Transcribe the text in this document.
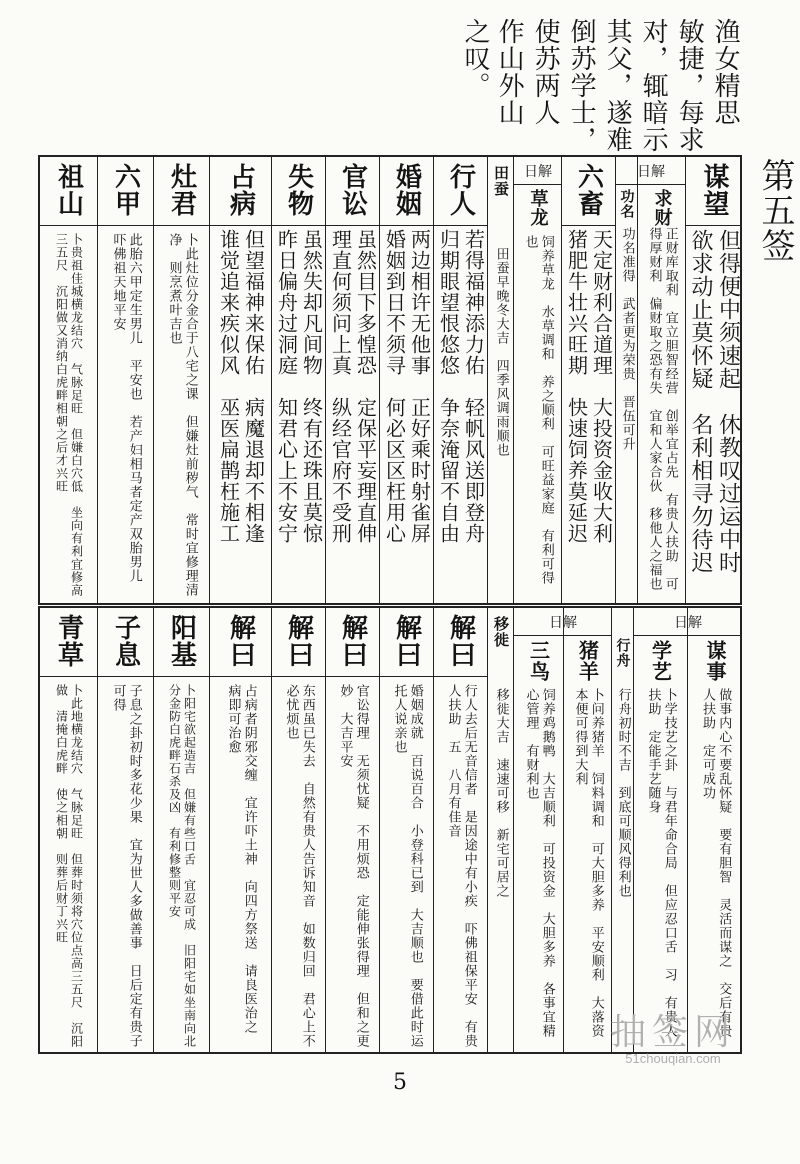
渔女精思
敏捷，每求
对，辄暗示
其父，遂难
倒苏学士，
使苏两人
作山外山
之叹。
第五签
谋望
欲求动止莫怀疑　名利相寻勿待迟 但得便中须速起　休教叹过运中时
日解
求财
正财库取利　宜立胆智经营　创举宜占先　有贵人扶助　可得厚财利　偏财取之恐有失　宜和人家合伙　移他人之福也
功名
功名准得　武者更为荣贵　晋伍可升
六畜
猪肥牛壮兴旺期　快速饲养莫延迟 天定财利合道理　大投资金收大利
日解
草龙
饲养草龙　水草调和　养之顺利　可旺益家庭　有利可得也
田蚕
田蚕早晚冬大吉　四季风调雨顺也
行人
归期眼望恨悠悠　争奈淹留不自由 若得福神添力佑　轻帆风送即登舟
婚姻
婚姻到日不须寻　何必区区枉用心 两边相许无他事　正好乘时射雀屏
官讼
理直何须问上真　纵经官府不受刑 虽然目下多惶恐　定保平妄理直伸
失物
昨日偏舟过洞庭　知君心上不安宁 虽然失却凡间物　终有还珠且莫惊
占病
谁觉追来疾似风　巫医扁鹊枉施工 但望福神来保佑　病魔退却不相逢
灶君
卜此灶位分金合于八宅之课　但嫌灶前秽气　常时宜修理清净　则烹煮叶吉也
六甲
此胎六甲定生男儿　平安也　若产妇相马者定产双胎男儿　吓佛祖天地平安
祖山
卜贵祖佳城横龙结穴　气脉足旺　但嫌白穴低　坐向有利宜修高三五尺　沉阳做又消纳白虎畔相朝之后才兴旺
日解
谋事
做事内心不要乱怀疑　要有胆智　灵活而谋之　交后有贵人扶助　定可成功
学艺
卜学技艺之卦　与君年命合局　但应忍口舌　习　有贵人扶助　定能手艺随身
行舟
行舟初时不吉　到底可顺风得利也
日解
猪羊
卜问养猪羊　饲料调和　可大胆多养　平安顺利　大落资本便可得到大利
三鸟
饲养鸡鹅鸭　大吉顺利　可投资金　大胆多养　各事宜精心管理　有财利也
移徙
移徙大吉　速速可移　新宅可居之
解曰
行人去后无音信者　是因途中有小疾　吓佛祖保平安　有贵人扶助　五　八月有佳音
解曰
婚姻成就　百说百合　小登科已到　大吉顺也　要借此时运　托人说亲也
解曰
官讼得理　无须忧疑　不用烦恐　定能伸张得理　但和之更妙　大吉平安
解曰
东西虽已失去　自然有贵人告诉知音　如数归回　君心上不必忧烦也
解曰
占病者阴邪交缠　宜许吓土神　向四方祭送　请良医治之　病即可治愈
阳基
卜阳宅欲起造吉　但嫌有些口舌　宜忍可成　旧阳宅如坐南向北分金防白虎畔石杀及凶　有利修整则平安
子息
子息之卦初时多花少果　宜为世人多做善事　日后定有贵子可得
青草
卜此地横龙结穴　气脉足旺　但葬时须将穴位点高三五尺　沉阳做　清掩白虎畔　使之相朝　则葬后财丁兴旺
5
抽签网
51chouqian.com
